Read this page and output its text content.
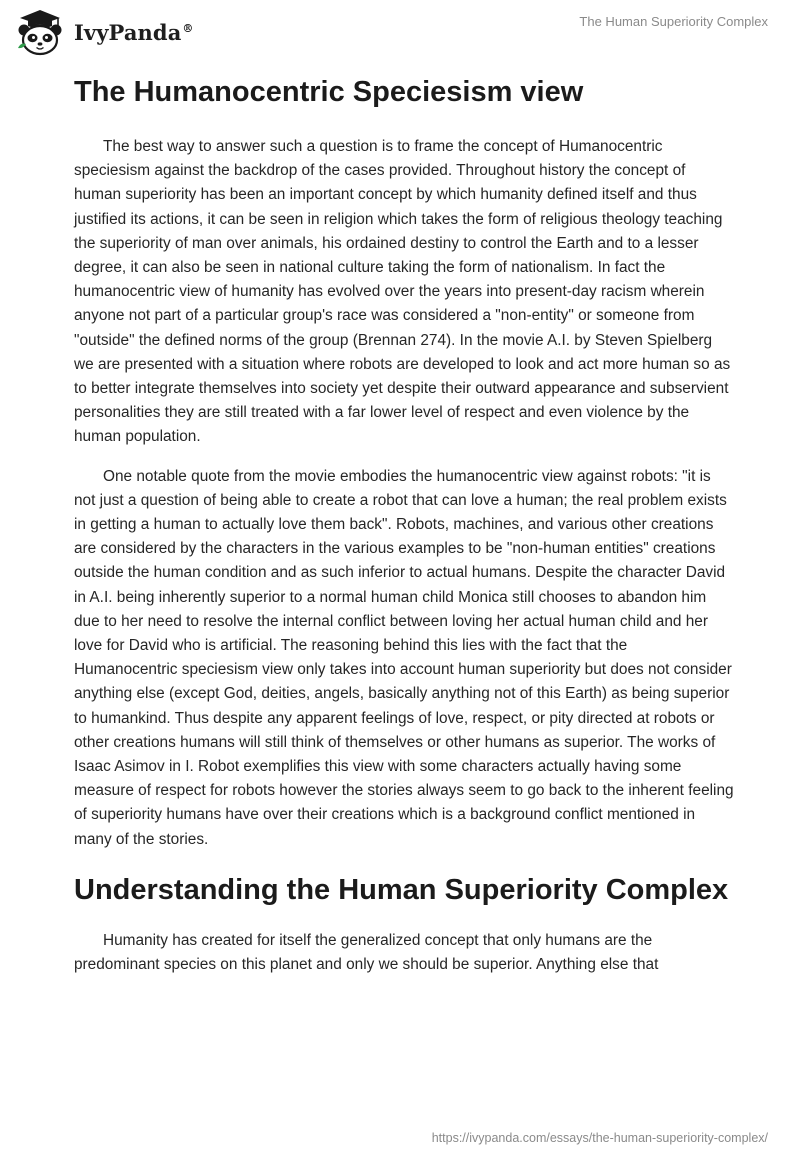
IvyPanda®	The Human Superiority Complex
The Humanocentric Speciesism view

The best way to answer such a question is to frame the concept of Humanocentric speciesism against the backdrop of the cases provided. Throughout history the concept of human superiority has been an important concept by which humanity defined itself and thus justified its actions, it can be seen in religion which takes the form of religious theology teaching the superiority of man over animals, his ordained destiny to control the Earth and to a lesser degree, it can also be seen in national culture taking the form of nationalism. In fact the humanocentric view of humanity has evolved over the years into present-day racism wherein anyone not part of a particular group's race was considered a "non-entity" or someone from "outside" the defined norms of the group (Brennan 274). In the movie A.I. by Steven Spielberg we are presented with a situation where robots are developed to look and act more human so as to better integrate themselves into society yet despite their outward appearance and subservient personalities they are still treated with a far lower level of respect and even violence by the human population.

One notable quote from the movie embodies the humanocentric view against robots: "it is not just a question of being able to create a robot that can love a human; the real problem exists in getting a human to actually love them back". Robots, machines, and various other creations are considered by the characters in the various examples to be "non-human entities" creations outside the human condition and as such inferior to actual humans. Despite the character David in A.I. being inherently superior to a normal human child Monica still chooses to abandon him due to her need to resolve the internal conflict between loving her actual human child and her love for David who is artificial. The reasoning behind this lies with the fact that the Humanocentric speciesism view only takes into account human superiority but does not consider anything else (except God, deities, angels, basically anything not of this Earth) as being superior to humankind. Thus despite any apparent feelings of love, respect, or pity directed at robots or other creations humans will still think of themselves or other humans as superior. The works of Isaac Asimov in I. Robot exemplifies this view with some characters actually having some measure of respect for robots however the stories always seem to go back to the inherent feeling of superiority humans have over their creations which is a background conflict mentioned in many of the stories.

Understanding the Human Superiority Complex

Humanity has created for itself the generalized concept that only humans are the predominant species on this planet and only we should be superior. Anything else that

https://ivypanda.com/essays/the-human-superiority-complex/
